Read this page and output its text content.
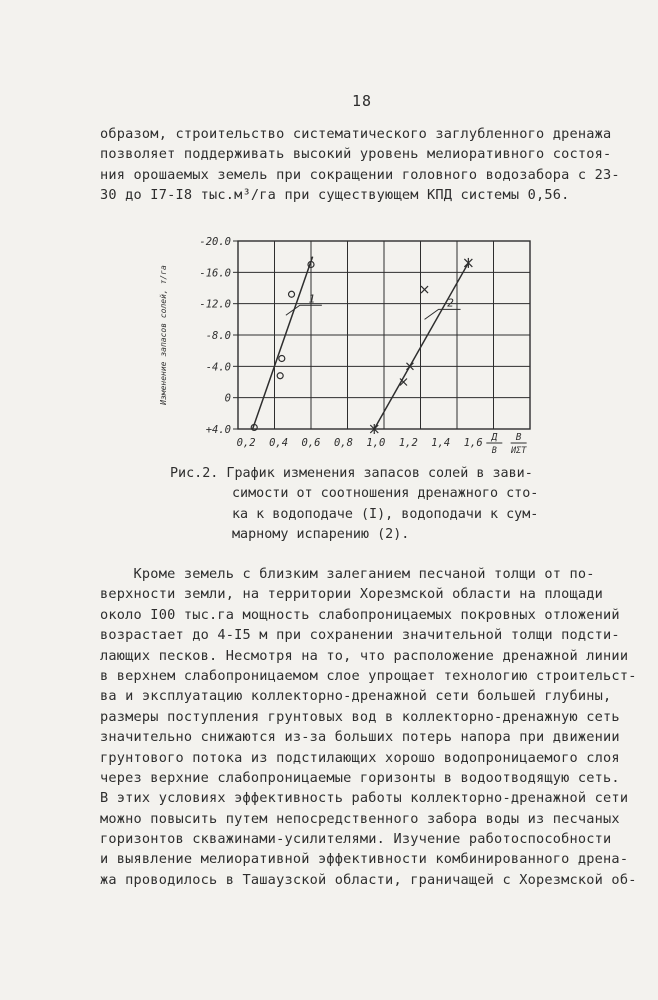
18
образом, строительство систематического заглубленного дренажа
позволяет поддерживать высокий уровень мелиоративного состоя-
ния орошаемых земель при сокращении головного водозабора с 23-
30 до I7-I8 тыс.м³/га при существующем КПД системы 0,56.
-20.0
-16.0
-12.0
-8.0
-4.0
0
+4.0
Изменение запасов солей, т/га
0,2 0,4 0,6 0,8 1,0 1,2 1,4 1,6 Д
В
В
ИΣТ
1	2
Рис.2. График изменения запасов солей в зави-
симости от соотношения дренажного сто-
ка к водоподаче (I), водоподачи к сум-
марному испарению (2).
Кроме земель с близким залеганием песчаной толщи от по-
верхности земли, на территории Хорезмской области на площади
около I00 тыс.га мощность слабопроницаемых покровных отложений
возрастает до 4-I5 м при сохранении значительной толщи подсти-
лающих песков. Несмотря на то, что расположение дренажной линии
в верхнем слабопроницаемом слое упрощает технологию строительст-
ва и эксплуатацию коллекторно-дренажной сети большей глубины,
размеры поступления грунтовых вод в коллекторно-дренажную сеть
значительно снижаются из-за больших потерь напора при движении
грунтового потока из подстилающих хорошо водопроницаемого слоя
через верхние слабопроницаемые горизонты в водоотводящую сеть.
В этих условиях эффективность работы коллекторно-дренажной сети
можно повысить путем непосредственного забора воды из песчаных
горизонтов скважинами-усилителями. Изучение работоспособности
и выявление мелиоративной эффективности комбинированного дрена-
жа проводилось в Ташаузской области, граничащей с Хорезмской об-
